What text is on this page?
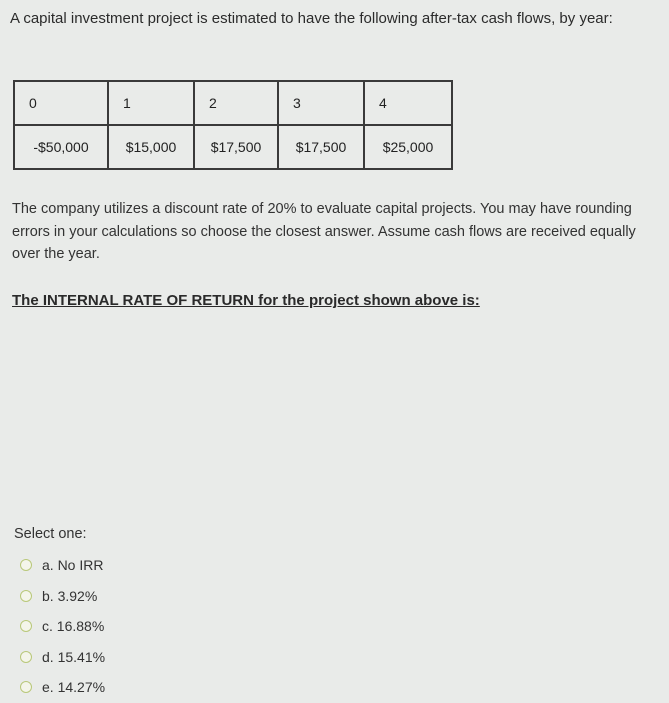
A capital investment project is estimated to have the following after-tax cash flows, by year:
0	1	2	3	4
-$50,000	$15,000	$17,500	$17,500	$25,000
The company utilizes a discount rate of 20% to evaluate capital projects. You may have rounding errors in your calculations so choose the closest answer. Assume cash flows are received equally over the year.
The INTERNAL RATE OF RETURN for the project shown above is:
Select one:
a. No IRR
b. 3.92%
c. 16.88%
d. 15.41%
e. 14.27%
